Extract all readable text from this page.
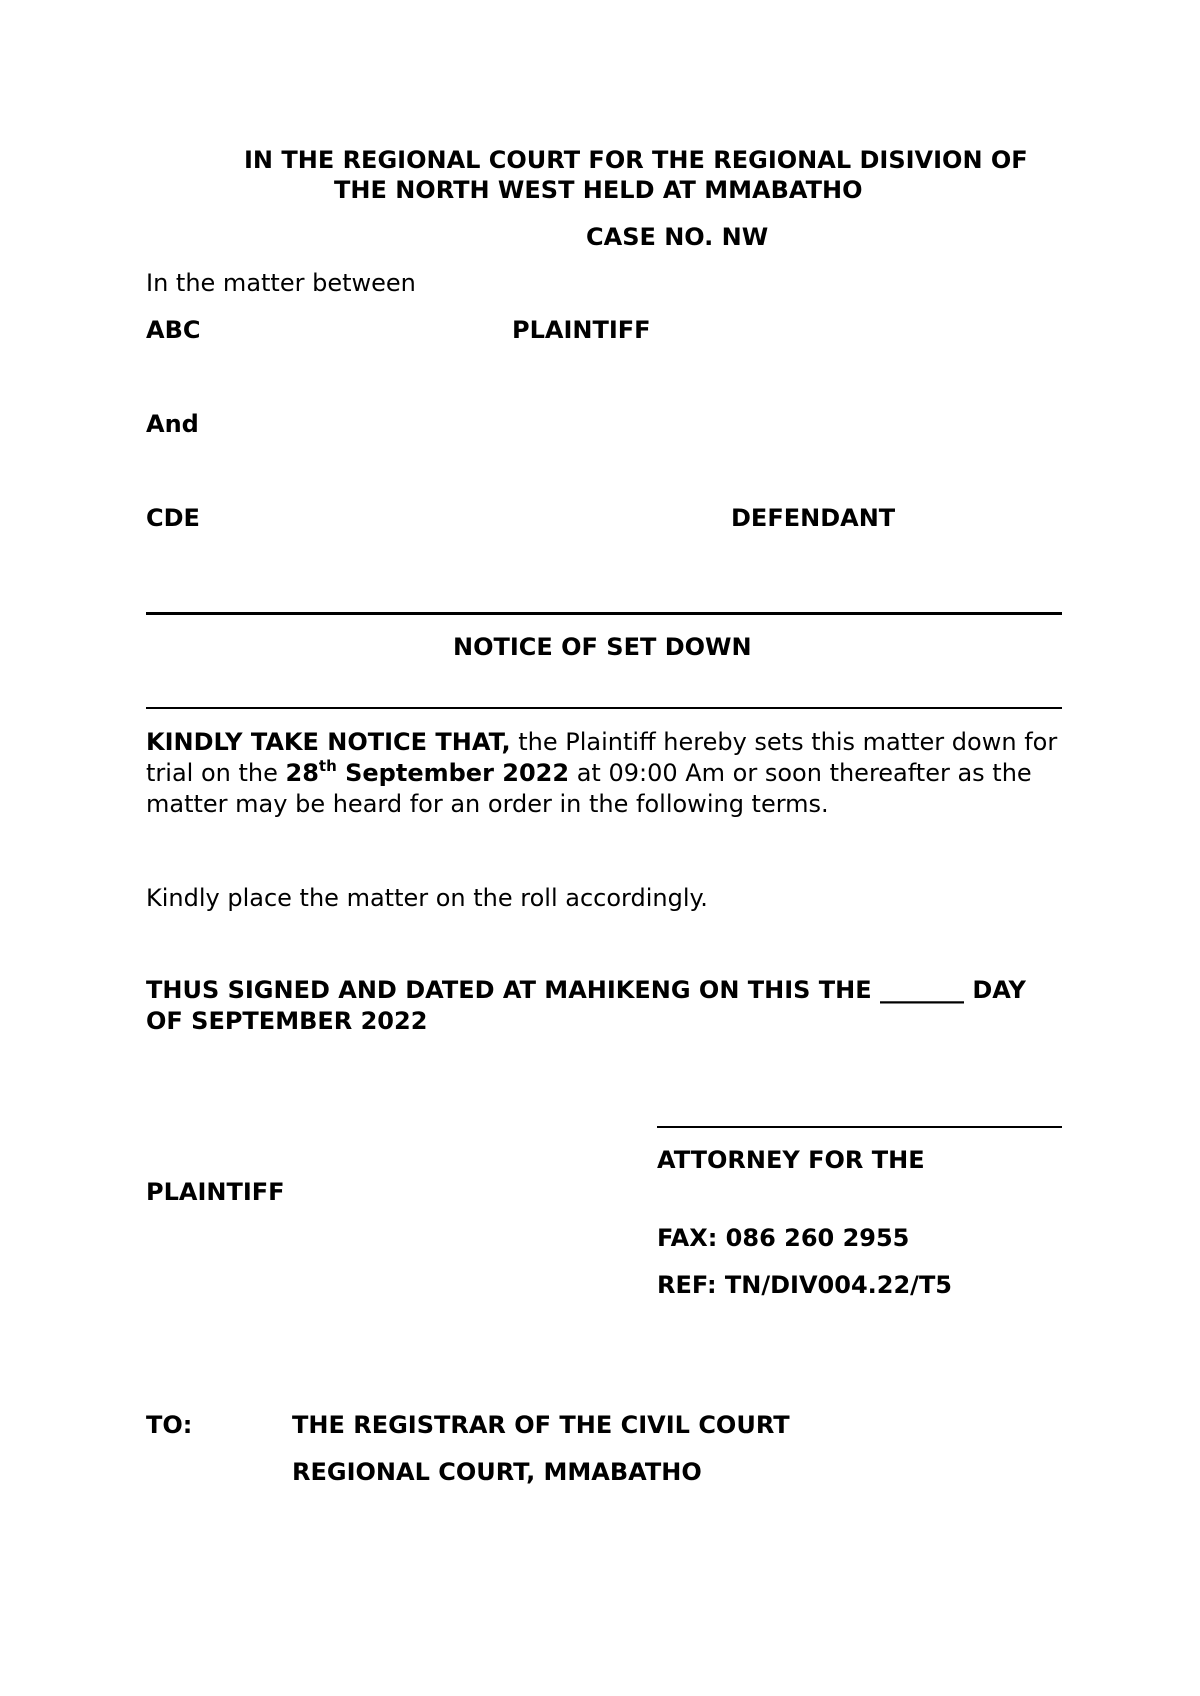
IN THE REGIONAL COURT FOR THE REGIONAL DISIVION OF
THE NORTH WEST HELD AT MMABATHO
CASE NO. NW
In the matter between
ABC	PLAINTIFF
And
CDE	DEFENDANT
NOTICE OF SET DOWN
KINDLY TAKE NOTICE THAT, the Plaintiff hereby sets this matter down for trial on the 28th September 2022 at 09:00 Am or soon thereafter as the matter may be heard for an order in the following terms.
Kindly place the matter on the roll accordingly.
THUS SIGNED AND DATED AT MAHIKENG ON THIS THE _______ DAY OF SEPTEMBER 2022
ATTORNEY FOR THE
PLAINTIFF
FAX: 086 260 2955
REF: TN/DIV004.22/T5
TO:	THE REGISTRAR OF THE CIVIL COURT
REGIONAL COURT, MMABATHO
